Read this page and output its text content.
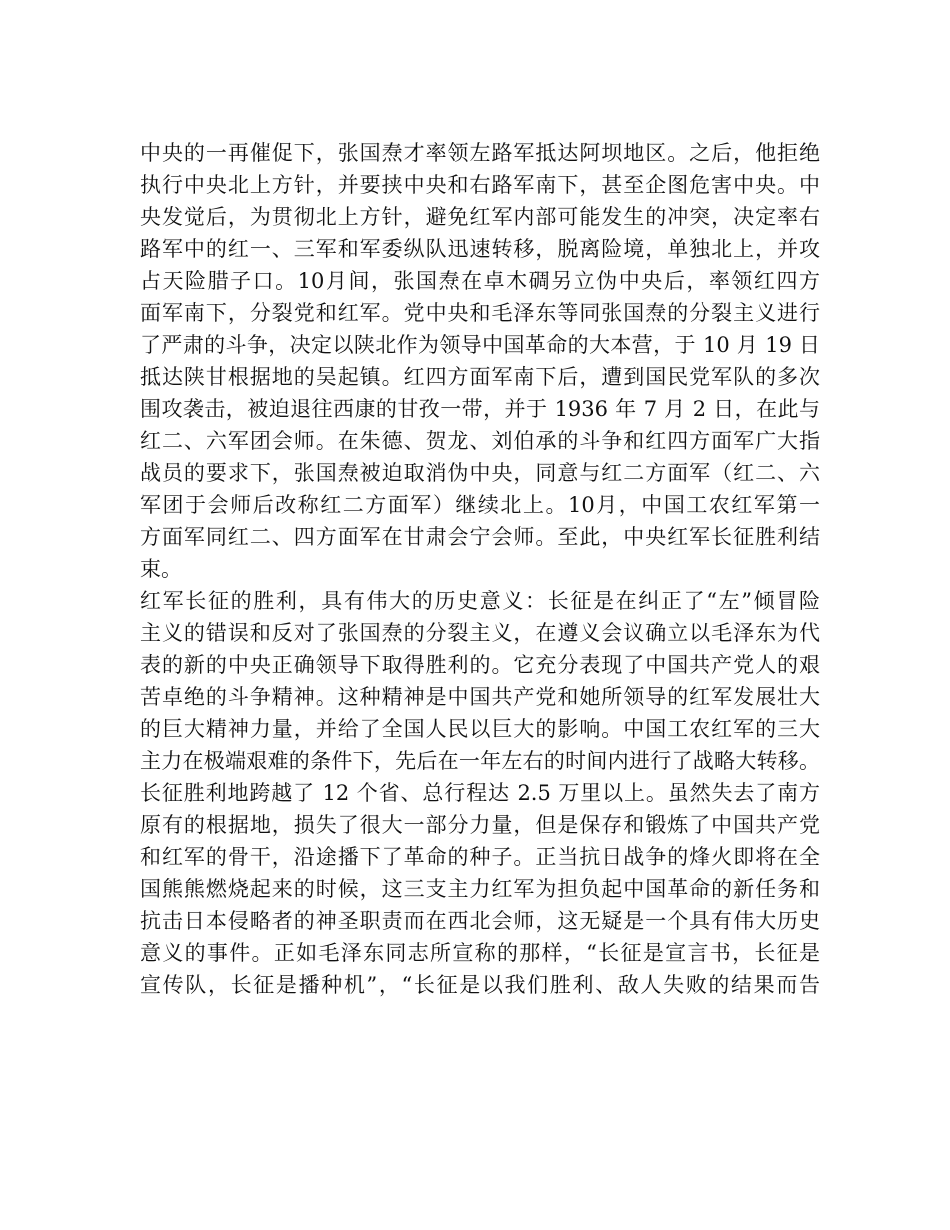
中央的一再催促下，张国焘才率领左路军抵达阿坝地区。之后，他拒绝
执行中央北上方针，并要挟中央和右路军南下，甚至企图危害中央。中
央发觉后，为贯彻北上方针，避免红军内部可能发生的冲突，决定率右
路军中的红一、三军和军委纵队迅速转移，脱离险境，单独北上，并攻
占天险腊子口。10月间，张国焘在卓木碉另立伪中央后，率领红四方
面军南下，分裂党和红军。党中央和毛泽东等同张国焘的分裂主义进行
了严肃的斗争，决定以陕北作为领导中国革命的大本营，于 10 月 19 日
抵达陕甘根据地的吴起镇。红四方面军南下后，遭到国民党军队的多次
围攻袭击，被迫退往西康的甘孜一带，并于 1936 年 7 月 2 日，在此与
红二、六军团会师。在朱德、贺龙、刘伯承的斗争和红四方面军广大指
战员的要求下，张国焘被迫取消伪中央，同意与红二方面军（红二、六
军团于会师后改称红二方面军）继续北上。10月，中国工农红军第一
方面军同红二、四方面军在甘肃会宁会师。至此，中央红军长征胜利结
束。
红军长征的胜利，具有伟大的历史意义：长征是在纠正了“左”倾冒险
主义的错误和反对了张国焘的分裂主义，在遵义会议确立以毛泽东为代
表的新的中央正确领导下取得胜利的。它充分表现了中国共产党人的艰
苦卓绝的斗争精神。这种精神是中国共产党和她所领导的红军发展壮大
的巨大精神力量，并给了全国人民以巨大的影响。中国工农红军的三大
主力在极端艰难的条件下，先后在一年左右的时间内进行了战略大转移。
长征胜利地跨越了 12 个省、总行程达 2.5 万里以上。虽然失去了南方
原有的根据地，损失了很大一部分力量，但是保存和锻炼了中国共产党
和红军的骨干，沿途播下了革命的种子。正当抗日战争的烽火即将在全
国熊熊燃烧起来的时候，这三支主力红军为担负起中国革命的新任务和
抗击日本侵略者的神圣职责而在西北会师，这无疑是一个具有伟大历史
意义的事件。正如毛泽东同志所宣称的那样，“长征是宣言书，长征是
宣传队，长征是播种机”，“长征是以我们胜利、敌人失败的结果而告
